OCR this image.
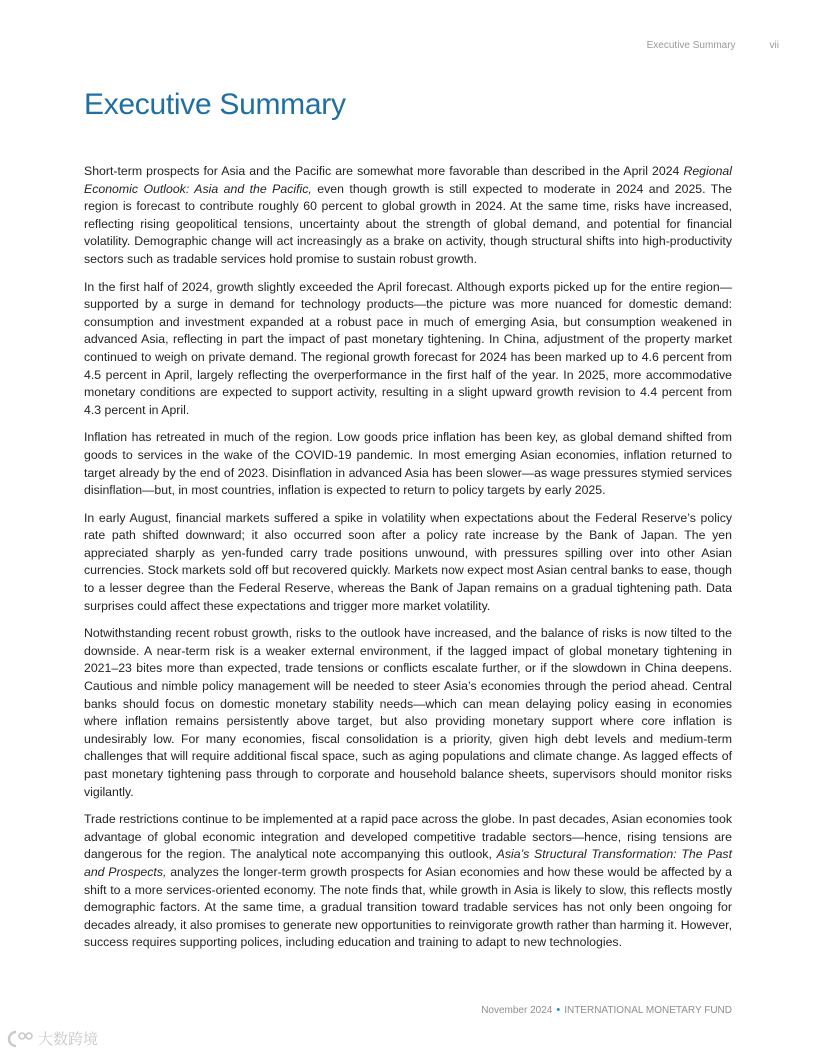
Executive Summary	vii
Executive Summary

Short-term prospects for Asia and the Pacific are somewhat more favorable than described in the April 2024 Regional Economic Outlook: Asia and the Pacific, even though growth is still expected to moderate in 2024 and 2025. The region is forecast to contribute roughly 60 percent to global growth in 2024. At the same time, risks have increased, reflecting rising geopolitical tensions, uncertainty about the strength of global demand, and potential for financial volatility. Demographic change will act increasingly as a brake on activity, though structural shifts into high-productivity sectors such as tradable services hold promise to sustain robust growth.

In the first half of 2024, growth slightly exceeded the April forecast. Although exports picked up for the entire region—supported by a surge in demand for technology products—the picture was more nuanced for domestic demand: consumption and investment expanded at a robust pace in much of emerging Asia, but consumption weakened in advanced Asia, reflecting in part the impact of past monetary tightening. In China, adjustment of the property market continued to weigh on private demand. The regional growth forecast for 2024 has been marked up to 4.6 percent from 4.5 percent in April, largely reflecting the overperformance in the first half of the year. In 2025, more accommodative monetary conditions are expected to support activity, resulting in a slight upward growth revision to 4.4 percent from 4.3 percent in April.

Inflation has retreated in much of the region. Low goods price inflation has been key, as global demand shifted from goods to services in the wake of the COVID-19 pandemic. In most emerging Asian economies, inflation returned to target already by the end of 2023. Disinflation in advanced Asia has been slower—as wage pressures stymied services disinflation—but, in most countries, inflation is expected to return to policy targets by early 2025.

In early August, financial markets suffered a spike in volatility when expectations about the Federal Reserve’s policy rate path shifted downward; it also occurred soon after a policy rate increase by the Bank of Japan. The yen appreciated sharply as yen-funded carry trade positions unwound, with pressures spilling over into other Asian currencies. Stock markets sold off but recovered quickly. Markets now expect most Asian central banks to ease, though to a lesser degree than the Federal Reserve, whereas the Bank of Japan remains on a gradual tightening path. Data surprises could affect these expectations and trigger more market volatility.

Notwithstanding recent robust growth, risks to the outlook have increased, and the balance of risks is now tilted to the downside. A near-term risk is a weaker external environment, if the lagged impact of global monetary tightening in 2021–23 bites more than expected, trade tensions or conflicts escalate further, or if the slowdown in China deepens. Cautious and nimble policy management will be needed to steer Asia’s economies through the period ahead. Central banks should focus on domestic monetary stability needs—which can mean delaying policy easing in economies where inflation remains persistently above target, but also providing monetary support where core inflation is undesirably low. For many economies, fiscal consolidation is a priority, given high debt levels and medium-term challenges that will require additional fiscal space, such as aging populations and climate change. As lagged effects of past monetary tightening pass through to corporate and household balance sheets, supervisors should monitor risks vigilantly.

Trade restrictions continue to be implemented at a rapid pace across the globe. In past decades, Asian economies took advantage of global economic integration and developed competitive tradable sectors—hence, rising tensions are dangerous for the region. The analytical note accompanying this outlook, Asia’s Structural Transformation: The Past and Prospects, analyzes the longer-term growth prospects for Asian economies and how these would be affected by a shift to a more services-oriented economy. The note finds that, while growth in Asia is likely to slow, this reflects mostly demographic factors. At the same time, a gradual transition toward tradable services has not only been ongoing for decades already, it also promises to generate new opportunities to reinvigorate growth rather than harming it. However, success requires supporting polices, including education and training to adapt to new technologies.

November 2024 • INTERNATIONAL MONETARY FUND
大数跨境
